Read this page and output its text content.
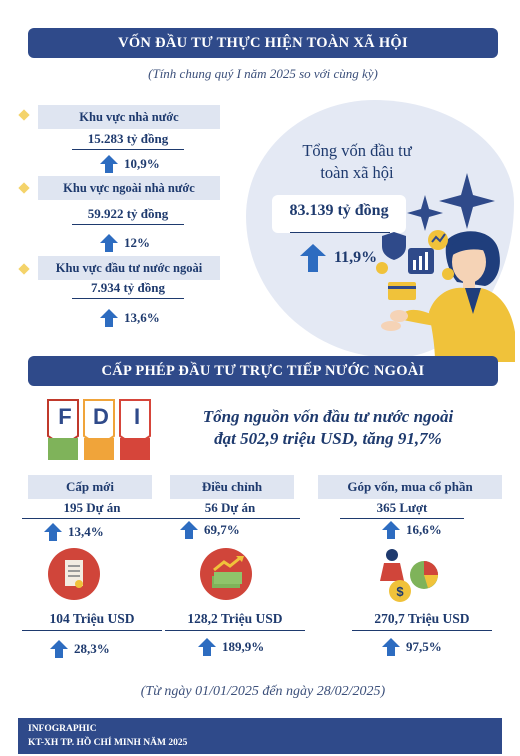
VỐN ĐẦU TƯ THỰC HIỆN TOÀN XÃ HỘI
(Tính chung quý I năm 2025 so với cùng kỳ)
Khu vực nhà nước
15.283 tỷ đồng
10,9%
Khu vực ngoài nhà nước
59.922 tỷ đồng
12%
Khu vực đầu tư nước ngoài
7.934 tỷ đồng
13,6%
Tổng vốn đầu tư
toàn xã hội
83.139 tỷ đồng
11,9%
CẤP PHÉP ĐẦU TƯ TRỰC TIẾP NƯỚC NGOÀI
F D	I	Tổng nguồn vốn đầu tư nước ngoài
đạt 502,9 triệu USD, tăng 91,7%
Cấp mới
195 Dự án
13,4%
104 Triệu USD
28,3%
Điều chỉnh
56 Dự án
69,7%
128,2 Triệu USD
189,9%
Góp vốn, mua cổ phần
365 Lượt
16,6%
$
270,7 Triệu USD
97,5%
(Từ ngày 01/01/2025 đến ngày 28/02/2025)
INFOGRAPHIC
KT-XH TP. HỒ CHÍ MINH NĂM 2025
